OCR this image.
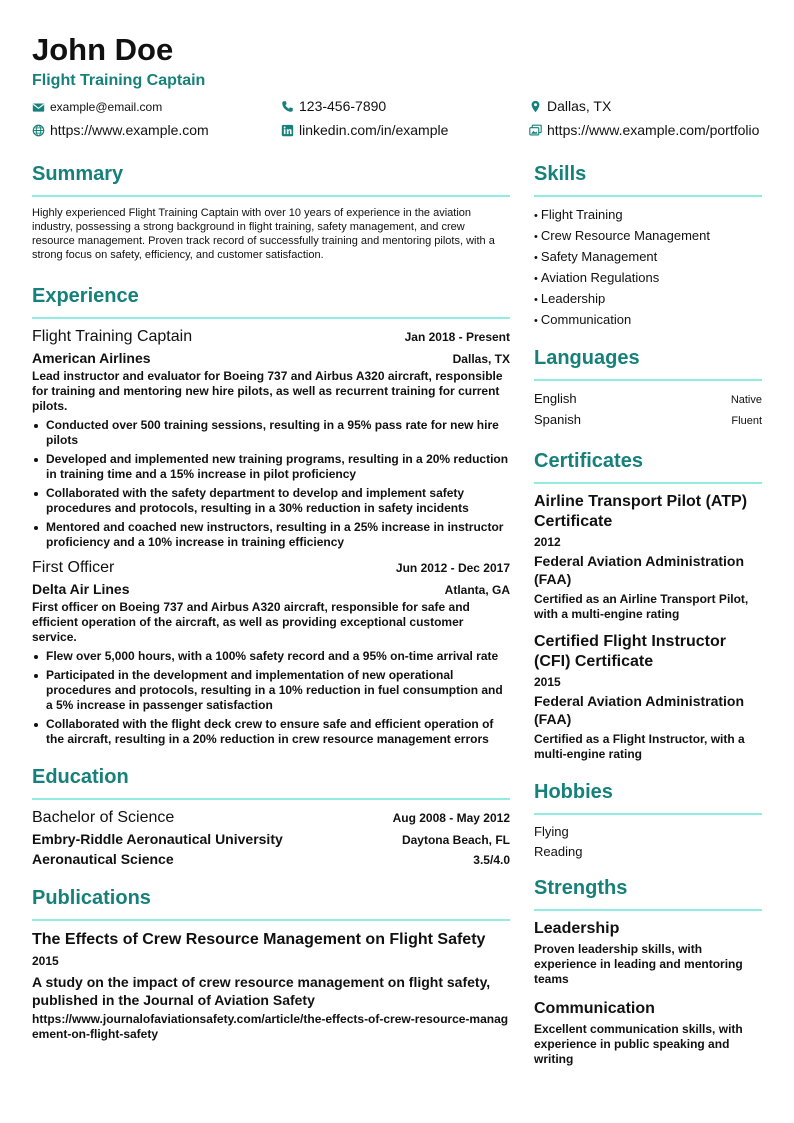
John Doe
Flight Training Captain
example@email.com	123-456-7890	Dallas, TX
https://www.example.com	linkedin.com/in/example	https://www.example.com/portfolio
Summary

Highly experienced Flight Training Captain with over 10 years of experience in the aviation industry, possessing a strong background in flight training, safety management, and crew resource management. Proven track record of successfully training and mentoring pilots, with a strong focus on safety, efficiency, and customer satisfaction.

Experience
Flight Training Captain	Jan 2018 - Present
American Airlines	Dallas, TX

Lead instructor and evaluator for Boeing 737 and Airbus A320 aircraft, responsible for training and mentoring new hire pilots, as well as recurrent training for current pilots.

Conducted over 500 training sessions, resulting in a 95% pass rate for new hire pilots
Developed and implemented new training programs, resulting in a 20% reduction in training time and a 15% increase in pilot proficiency
Collaborated with the safety department to develop and implement safety procedures and protocols, resulting in a 30% reduction in safety incidents
Mentored and coached new instructors, resulting in a 25% increase in instructor proficiency and a 10% increase in training efficiency
First Officer	Jun 2012 - Dec 2017
Delta Air Lines	Atlanta, GA

First officer on Boeing 737 and Airbus A320 aircraft, responsible for safe and efficient operation of the aircraft, as well as providing exceptional customer service.

Flew over 5,000 hours, with a 100% safety record and a 95% on-time arrival rate
Participated in the development and implementation of new operational procedures and protocols, resulting in a 10% reduction in fuel consumption and a 5% increase in passenger satisfaction
Collaborated with the flight deck crew to ensure safe and efficient operation of the aircraft, resulting in a 20% reduction in crew resource management errors
Education
Bachelor of Science	Aug 2008 - May 2012
Embry-Riddle Aeronautical University	Daytona Beach, FL
Aeronautical Science	3.5/4.0
Publications
The Effects of Crew Resource Management on Flight Safety
2015
A study on the impact of crew resource management on flight safety, published in the Journal of Aviation Safety
https://www.journalofaviationsafety.com/article/the-effects-of-crew-resource-management-on-flight-safety
Skills
• Flight Training
• Crew Resource Management
• Safety Management
• Aviation Regulations
• Leadership
• Communication
Languages
English	Native
Spanish	Fluent
Certificates
Airline Transport Pilot (ATP) Certificate
2012
Federal Aviation Administration (FAA)
Certified as an Airline Transport Pilot, with a multi-engine rating
Certified Flight Instructor (CFI) Certificate
2015
Federal Aviation Administration (FAA)
Certified as a Flight Instructor, with a multi-engine rating
Hobbies
Flying
Reading
Strengths
Leadership
Proven leadership skills, with experience in leading and mentoring teams
Communication
Excellent communication skills, with experience in public speaking and writing
